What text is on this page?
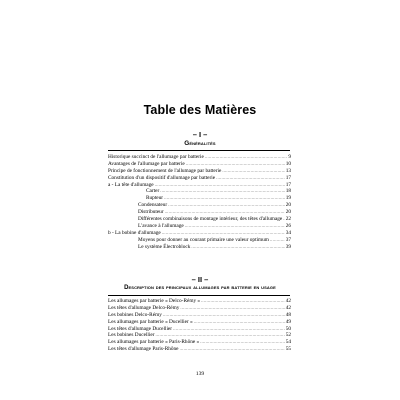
Table des Matières
– I –
Généralités
Historique succinct de l'allumage par batterie .....	9
Avantages de l'allumage par batterie .....	10
Principe de fonctionnement de l'allumage par batterie .....	13
Constitution d'un dispositif d'allumage par batterie .....	17
a - La tête d'allumage .....	17
Carter .....	18
Rupteur .....	19
Condensateur .....	20
Distributeur .....	20
Différentes combinaisons de montage intérieur, des têtes d'allumage ..... 22
L'avance à l'allumage .....	26
b - La bobine d'allumage .....	34
Moyens pour donner au courant primaire une valeur optimum .....	37
Le système Électroblock .....	39
– II –
Description des principaux allumages par batterie en usage
Les allumages par batterie « Delco-Rémy » .....	42
Les têtes d'allumage Delco-Rémy .....	42
Les bobines Delco-Rémy .....	48
Les allumages par batterie « Ducellier » .....	49
Les têtes d'allumage Ducellier .....	50
Les bobines Ducellier .....	52
Les allumages par batterie « Paris-Rhône » .....	54
Les têtes d'allumage Paris-Rhône .....	55
139
